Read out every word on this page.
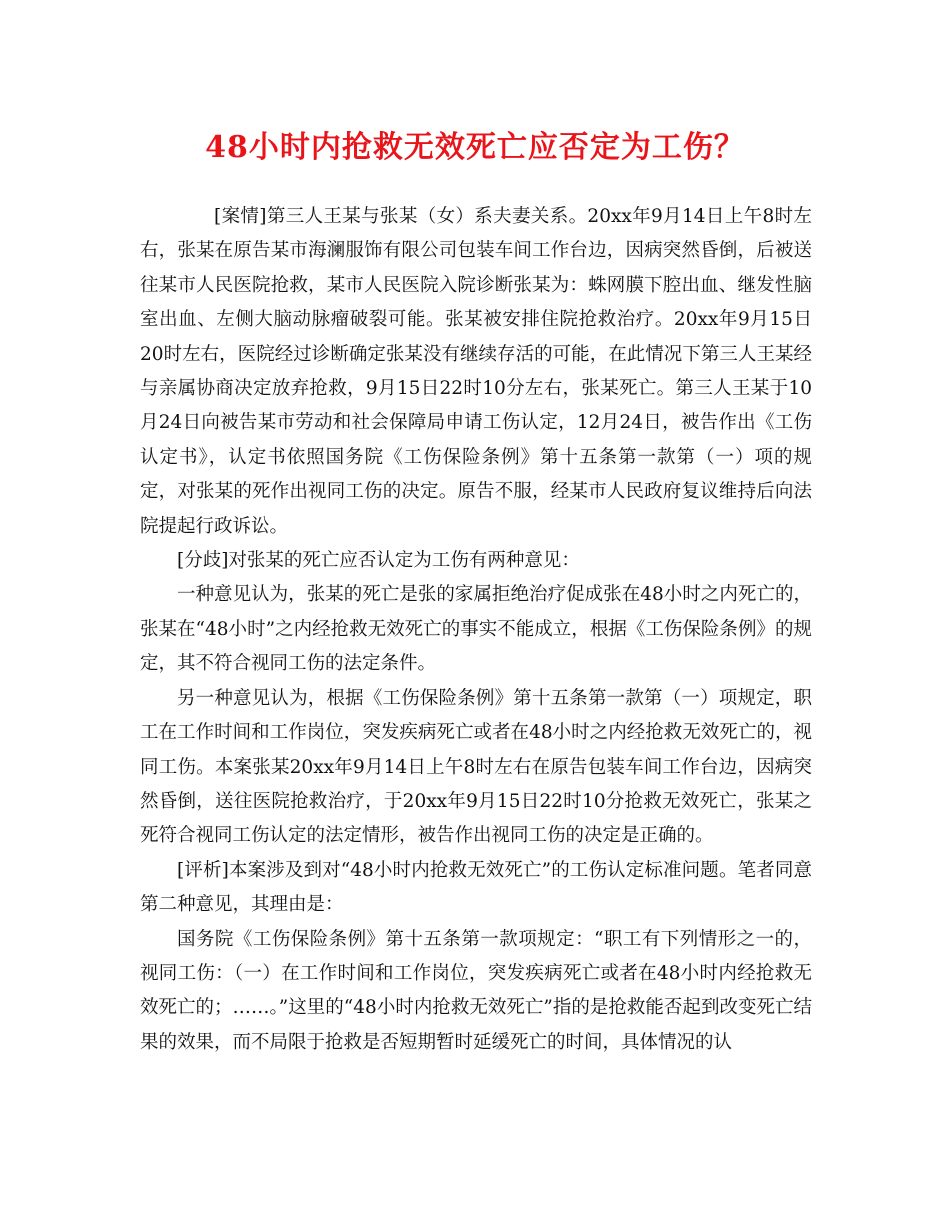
48小时内抢救无效死亡应否定为工伤？

[案情]第三人王某与张某（女）系夫妻关系。20xx年9月14日上午8时左右，张某在原告某市海澜服饰有限公司包装车间工作台边，因病突然昏倒，后被送往某市人民医院抢救，某市人民医院入院诊断张某为：蛛网膜下腔出血、继发性脑室出血、左侧大脑动脉瘤破裂可能。张某被安排住院抢救治疗。20xx年9月15日20时左右，医院经过诊断确定张某没有继续存活的可能，在此情况下第三人王某经与亲属协商决定放弃抢救，9月15日22时10分左右，张某死亡。第三人王某于10月24日向被告某市劳动和社会保障局申请工伤认定，12月24日，被告作出《工伤认定书》，认定书依照国务院《工伤保险条例》第十五条第一款第（一）项的规定，对张某的死作出视同工伤的决定。原告不服，经某市人民政府复议维持后向法院提起行政诉讼。

[分歧]对张某的死亡应否认定为工伤有两种意见：

一种意见认为，张某的死亡是张的家属拒绝治疗促成张在48小时之内死亡的，张某在“48小时”之内经抢救无效死亡的事实不能成立，根据《工伤保险条例》的规定，其不符合视同工伤的法定条件。

另一种意见认为，根据《工伤保险条例》第十五条第一款第（一）项规定，职工在工作时间和工作岗位，突发疾病死亡或者在48小时之内经抢救无效死亡的，视同工伤。本案张某20xx年9月14日上午8时左右在原告包装车间工作台边，因病突然昏倒，送往医院抢救治疗，于20xx年9月15日22时10分抢救无效死亡，张某之死符合视同工伤认定的法定情形，被告作出视同工伤的决定是正确的。

[评析]本案涉及到对“48小时内抢救无效死亡”的工伤认定标准问题。笔者同意第二种意见，其理由是：

国务院《工伤保险条例》第十五条第一款项规定：“职工有下列情形之一的，视同工伤：（一）在工作时间和工作岗位，突发疾病死亡或者在48小时内经抢救无效死亡的；……。”这里的“48小时内抢救无效死亡”指的是抢救能否起到改变死亡结果的效果，而不局限于抢救是否短期暂时延缓死亡的时间，具体情况的认
